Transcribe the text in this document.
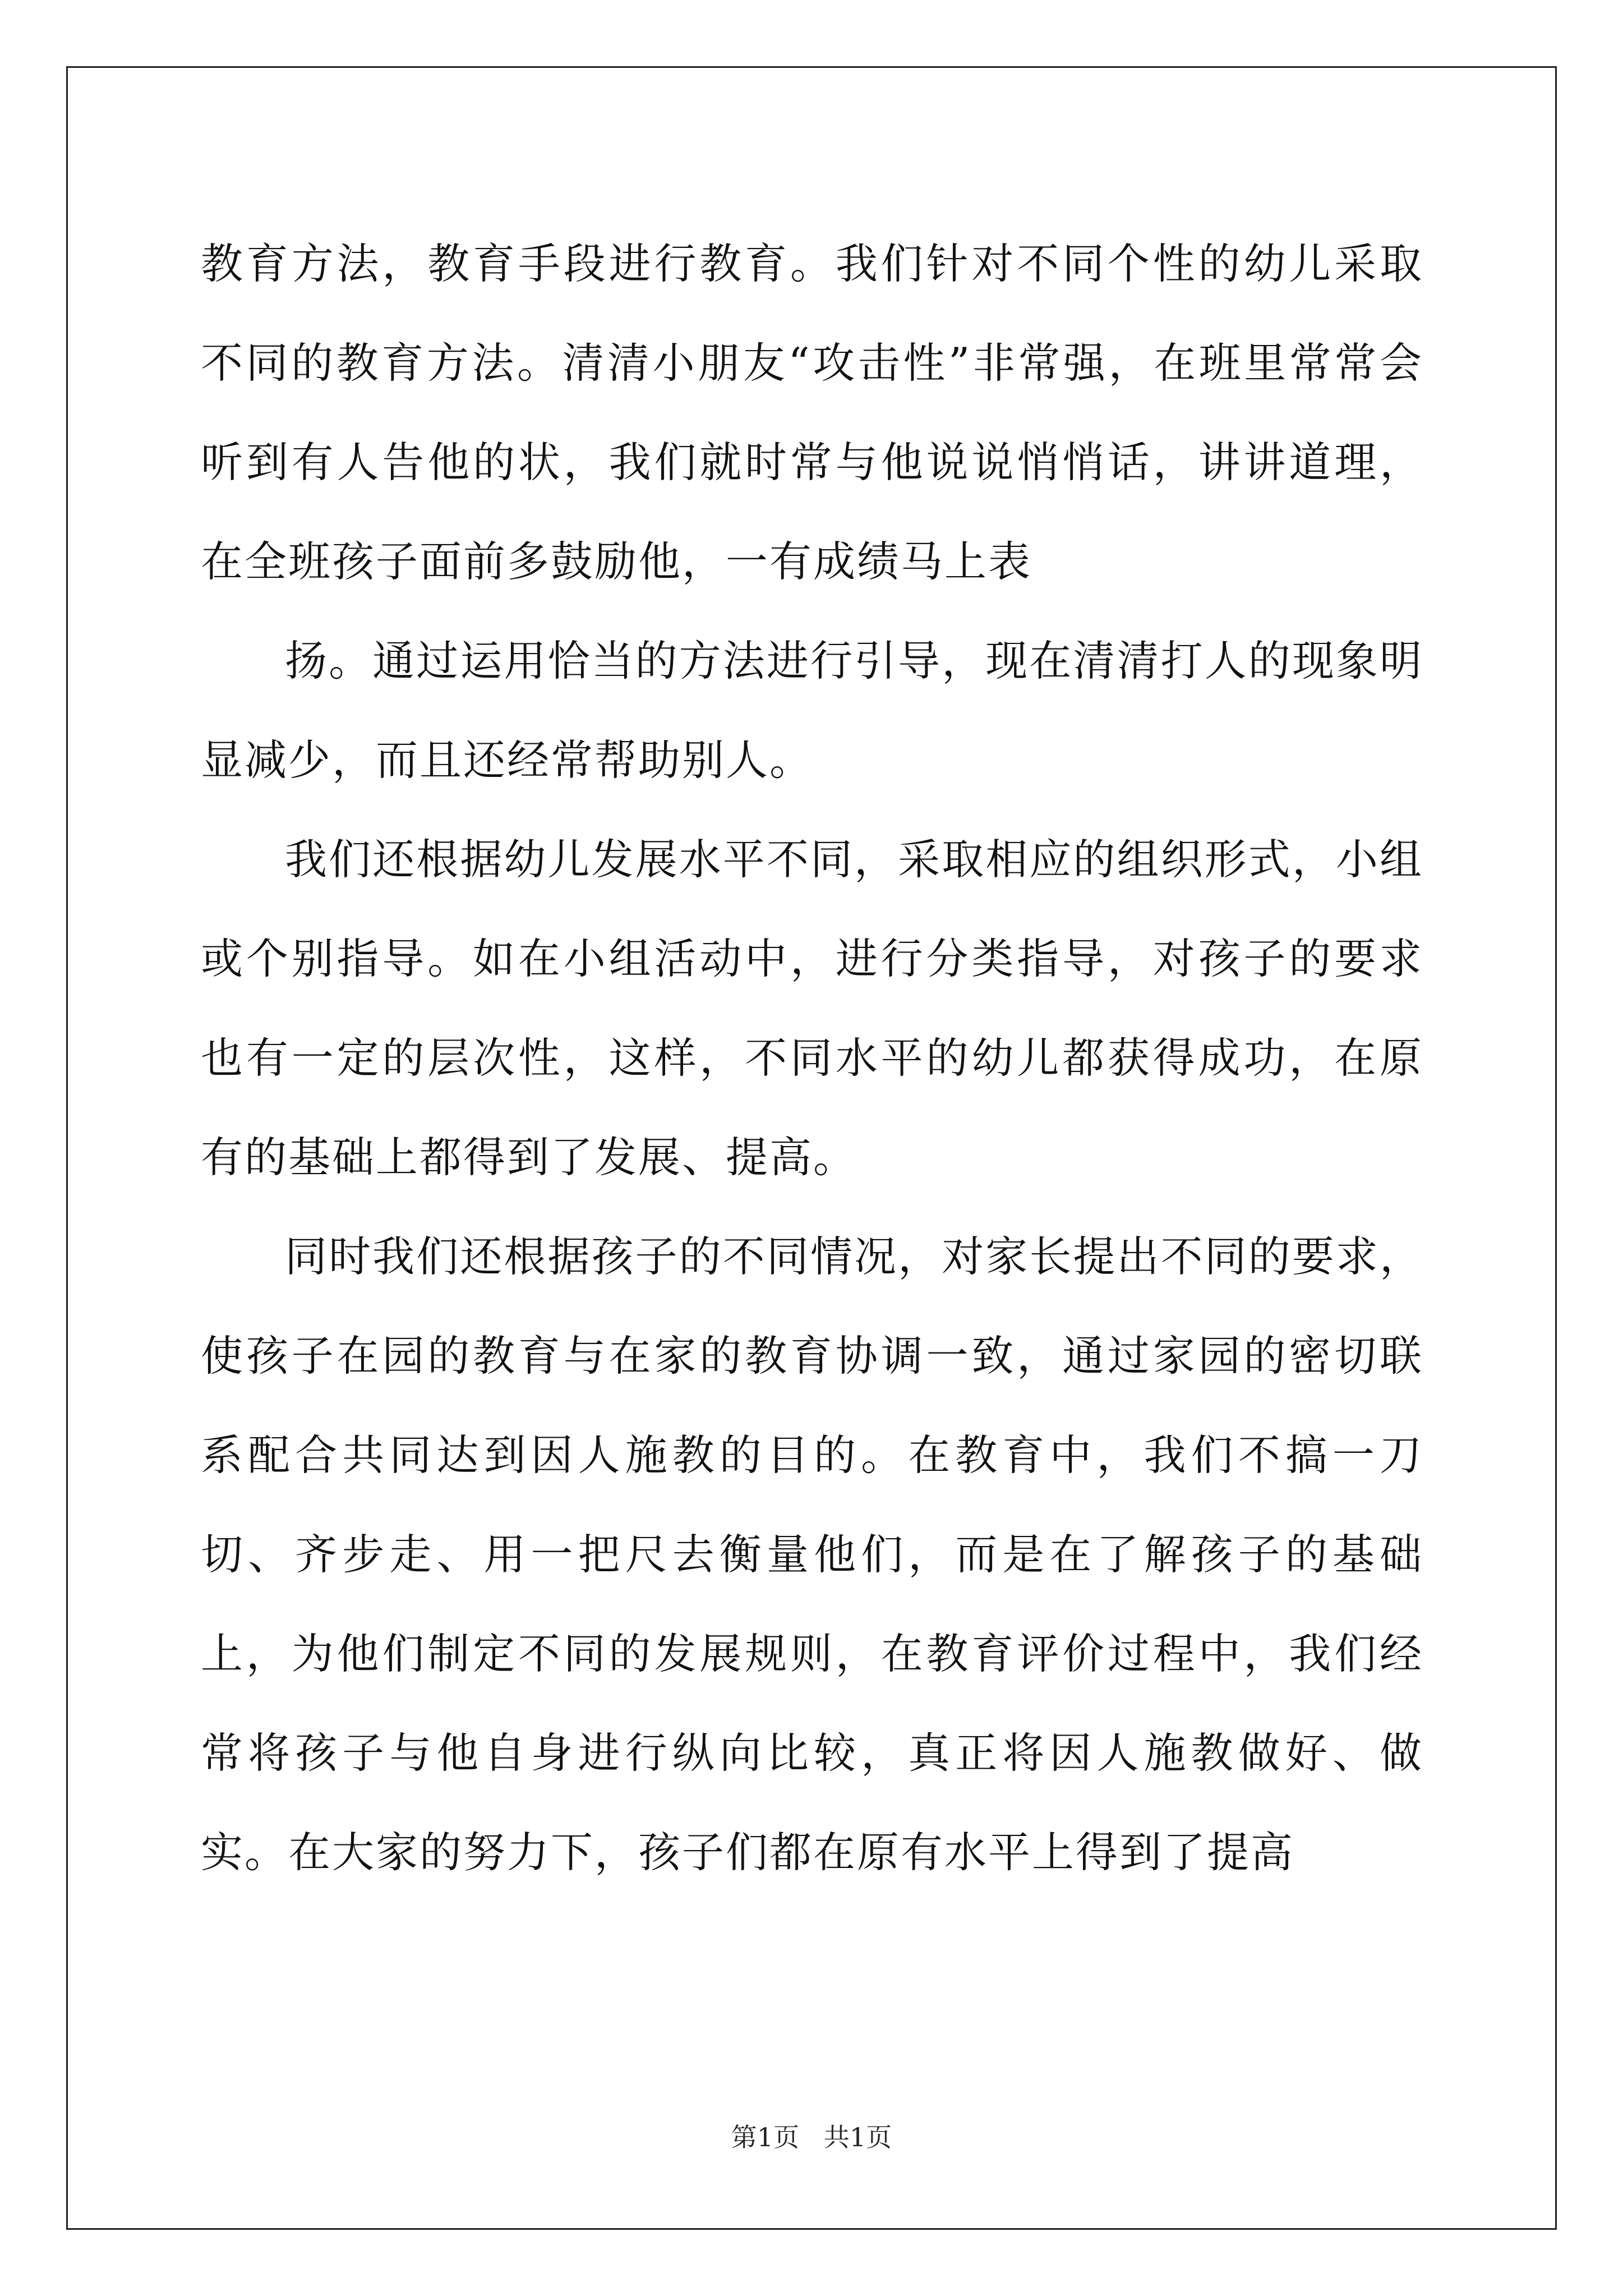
教育方法，教育手段进行教育。我们针对不同个性的幼儿采取不同的教育方法。清清小朋友“攻击性”非常强，在班里常常会听到有人告他的状，我们就时常与他说说悄悄话，讲讲道理，在全班孩子面前多鼓励他，一有成绩马上表

扬。通过运用恰当的方法进行引导，现在清清打人的现象明显减少，而且还经常帮助别人。

我们还根据幼儿发展水平不同，采取相应的组织形式，小组或个别指导。如在小组活动中，进行分类指导，对孩子的要求也有一定的层次性，这样，不同水平的幼儿都获得成功，在原有的基础上都得到了发展、提高。

同时我们还根据孩子的不同情况，对家长提出不同的要求，使孩子在园的教育与在家的教育协调一致，通过家园的密切联系配合共同达到因人施教的目的。在教育中，我们不搞一刀切、齐步走、用一把尺去衡量他们，而是在了解孩子的基础上，为他们制定不同的发展规则，在教育评价过程中，我们经常将孩子与他自身进行纵向比较，真正将因人施教做好、做实。在大家的努力下，孩子们都在原有水平上得到了提高

第1页   共1页
